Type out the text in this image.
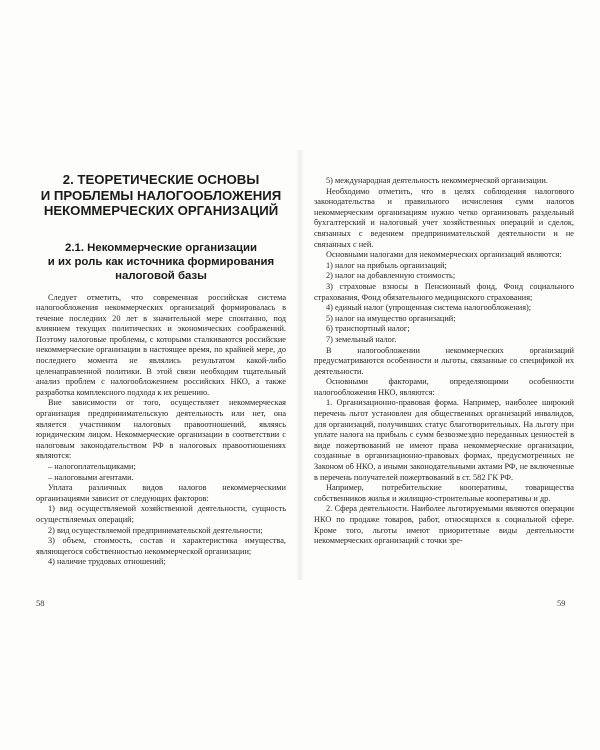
2. ТЕОРЕТИЧЕСКИЕ ОСНОВЫ
И ПРОБЛЕМЫ НАЛОГООБЛОЖЕНИЯ
НЕКОММЕРЧЕСКИХ ОРГАНИЗАЦИЙ
2.1. Некоммерческие организации
и их роль как источника формирования
налоговой базы

Следует отметить, что современная российская система налогообложения некоммерческих организаций формировалась в течение последних 20 лет в значительной мере спонтанно, под влиянием текущих политических и экономических соображений. Поэтому налоговые проблемы, с которыми сталкиваются российские некоммерческие организации в настоящее время, по крайней мере, до последнего момента не являлись результатом какой-либо целенаправленной политики. В этой связи необходим тщательный анализ проблем с налогообложением российских НКО, а также разработка комплексного подхода к их решению.

Вне зависимости от того, осуществляет некоммерческая организация предпринимательскую деятельность или нет, она является участником налоговых правоотношений, являясь юридическим лицом. Некоммерческие организации в соответствии с налоговым законодательством РФ в налоговых правоотношениях являются:

– налогоплательщиками;

– налоговыми агентами.

Уплата различных видов налогов некоммерческими организациями зависит от следующих факторов:

1) вид осуществляемой хозяйственной деятельности, сущность осуществляемых операций;

2) вид осуществляемой предпринимательской деятельности;

3) объем, стоимость, состав и характеристика имущества, являющегося собственностью некоммерческой организации;

4) наличие трудовых отношений;

5) международная деятельность некоммерческой организации.

Необходимо отметить, что в целях соблюдения налогового законодательства и правильного исчисления сумм налогов некоммерческим организациям нужно четко организовать раздельный бухгалтерский и налоговый учет хозяйственных операций и сделок, связанных с ведением предпринимательской деятельности и не связанных с ней.

Основными налогами для некоммерческих организаций являются:

1) налог на прибыль организаций;

2) налог на добавленную стоимость;

3) страховые взносы в Пенсионный фонд, Фонд социального страхования, Фонд обязательного медицинского страхования;

4) единый налог (упрощенная система налогообложения);

5) налог на имущество организаций;

6) транспортный налог;

7) земельный налог.

В налогообложении некоммерческих организаций предусматриваются особенности и льготы, связанные со спецификой их деятельности.

Основными факторами, определяющими особенности налогообложения НКО, являются:

1. Организационно-правовая форма. Например, наиболее широкий перечень льгот установлен для общественных организаций инвалидов, для организаций, получивших статус благотворительных. На льготу при уплате налога на прибыль с сумм безвозмездно переданных ценностей в виде пожертвований не имеют права некоммерческие организации, созданные в организационно-правовых формах, предусмотренных не Законом об НКО, а иными законодательными актами РФ, не включенные в перечень получателей пожертвований в ст. 582 ГК РФ.

Например, потребительские кооперативы, товарищества собственников жилья и жилищно-строительные кооперативы и др.

2. Сфера деятельности. Наиболее льготируемыми являются операции НКО по продаже товаров, работ, относящихся к социальной сфере. Кроме того, льготы имеют приоритетные виды деятельности некоммерческих организаций с точки зре-

58	59
